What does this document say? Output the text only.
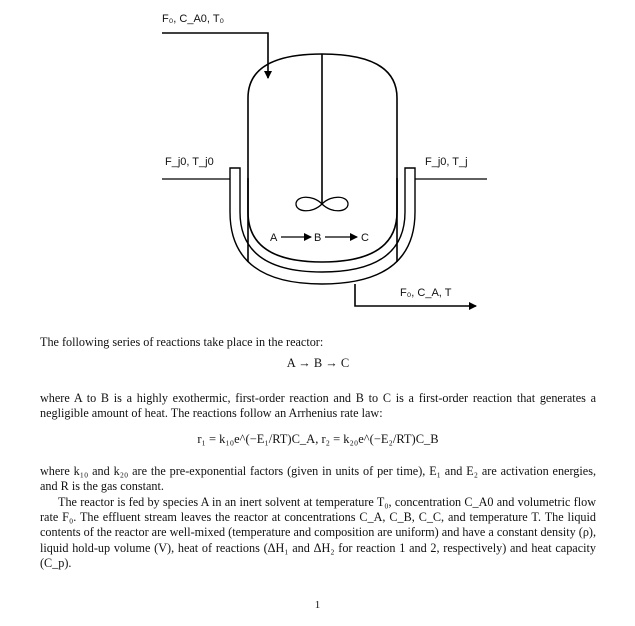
F₀, C_A0, T₀
F_j0, T_j0	F_j0, T_j
A	B	C
F₀, C_A, T
The following series of reactions take place in the reactor:
A → B → C
where A to B is a highly exothermic, first-order reaction and B to C is a first-order reaction that generates a negligible amount of heat. The reactions follow an Arrhenius rate law:
r₁ = k₁₀e^(−E₁/RT)C_A, r₂ = k₂₀e^(−E₂/RT)C_B
where k₁₀ and k₂₀ are the pre-exponential factors (given in units of per time), E₁ and E₂ are activation energies, and R is the gas constant.
The reactor is fed by species A in an inert solvent at temperature T₀, concentration C_A0 and volumetric flow rate F₀. The effluent stream leaves the reactor at concentrations C_A, C_B, C_C, and temperature T. The liquid contents of the reactor are well-mixed (temperature and composition are uniform) and have a constant density (ρ), liquid hold-up volume (V), heat of reactions (ΔH₁ and ΔH₂ for reaction 1 and 2, respectively) and heat capacity (C_p).
1
